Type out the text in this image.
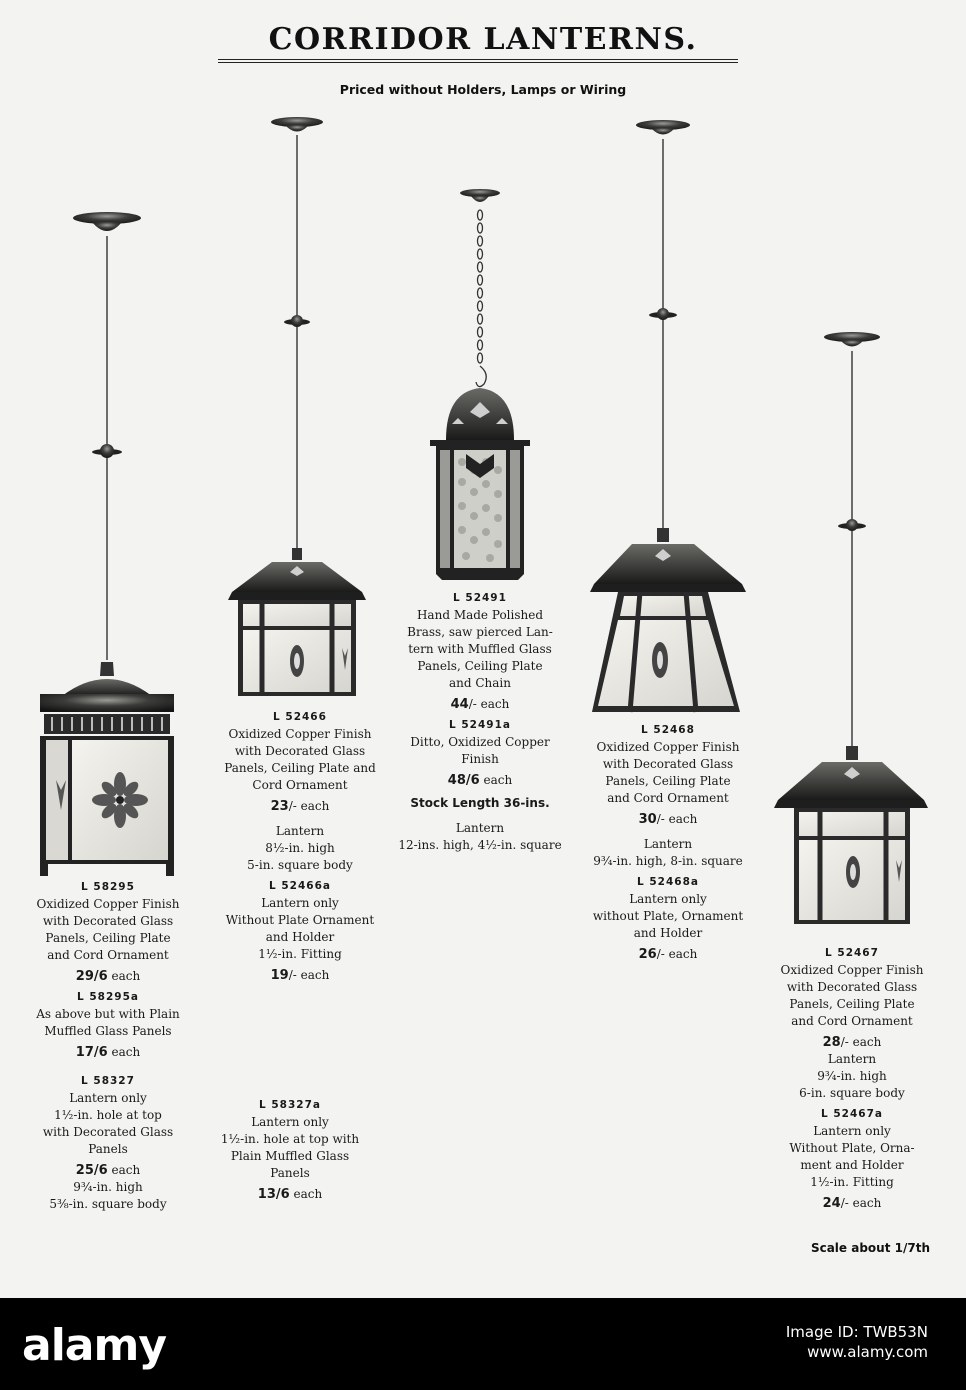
CORRIDOR LANTERNS.
Priced without Holders, Lamps or Wiring
L 58295
Oxidized Copper Finish
with Decorated Glass
Panels, Ceiling Plate
and Cord Ornament
29/6 each
L 58295a
As above but with Plain
Muffled Glass Panels
17/6 each
L 58327
Lantern only
1½-in. hole at top
with Decorated Glass
Panels
25/6 each
9¾-in. high
5⅜-in. square body
L 52466
Oxidized Copper Finish
with Decorated Glass
Panels, Ceiling Plate and
Cord Ornament
23/- each
Lantern
8½-in. high
5-in. square body
L 52466a
Lantern only
Without Plate Ornament
and Holder
1½-in. Fitting
19/- each
L 58327a
Lantern only
1½-in. hole at top with
Plain Muffled Glass
Panels
13/6 each
L 52491
Hand Made Polished
Brass, saw pierced Lan-
tern with Muffled Glass
Panels, Ceiling Plate
and Chain
44/- each
L 52491a
Ditto, Oxidized Copper
Finish
48/6 each
Stock Length 36-ins.
Lantern
12-ins. high, 4½-in. square
L 52468
Oxidized Copper Finish
with Decorated Glass
Panels, Ceiling Plate
and Cord Ornament
30/- each
Lantern
9¾-in. high, 8-in. square
L 52468a
Lantern only
without Plate, Ornament
and Holder
26/- each	L 52467
Oxidized Copper Finish
with Decorated Glass
Panels, Ceiling Plate
and Cord Ornament
28/- each
Lantern
9¾-in. high
6-in. square body
L 52467a
Lantern only
Without Plate, Orna-
ment and Holder
1½-in. Fitting
24/- each
Scale about 1/7th
alamy	Image ID: TWB53N
www.alamy.com
